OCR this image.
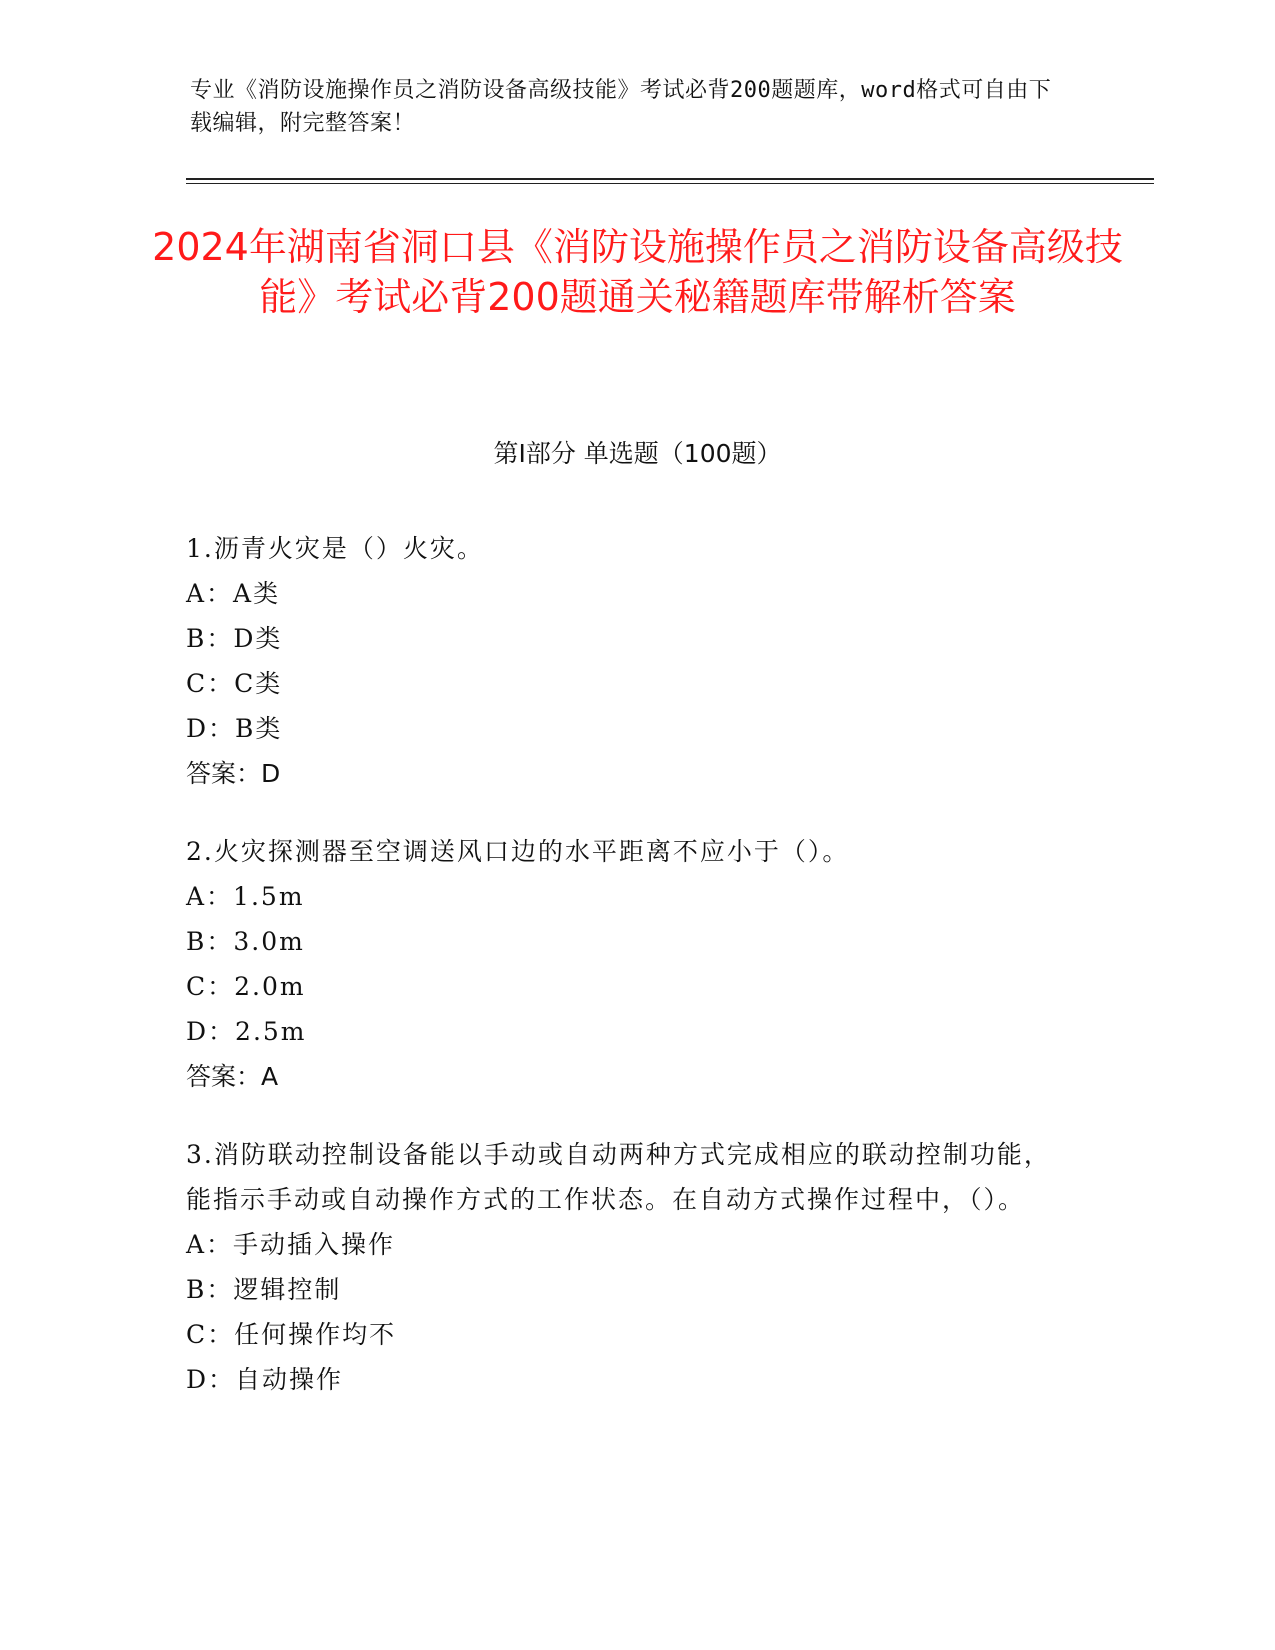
专业《消防设施操作员之消防设备高级技能》考试必背200题题库，word格式可自由下载编辑，附完整答案！
2024年湖南省洞口县《消防设施操作员之消防设备高级技能》考试必背200题通关秘籍题库带解析答案
第I部分 单选题（100题）

1.沥青火灾是（）火灾。

A：A类

B：D类

C：C类

D：B类

答案：D

2.火灾探测器至空调送风口边的水平距离不应小于（）。

A：1.5m

B：3.0m

C：2.0m

D：2.5m

答案：A

3.消防联动控制设备能以手动或自动两种方式完成相应的联动控制功能，能指示手动或自动操作方式的工作状态。在自动方式操作过程中，（）。

A：手动插入操作

B：逻辑控制

C：任何操作均不

D：自动操作
